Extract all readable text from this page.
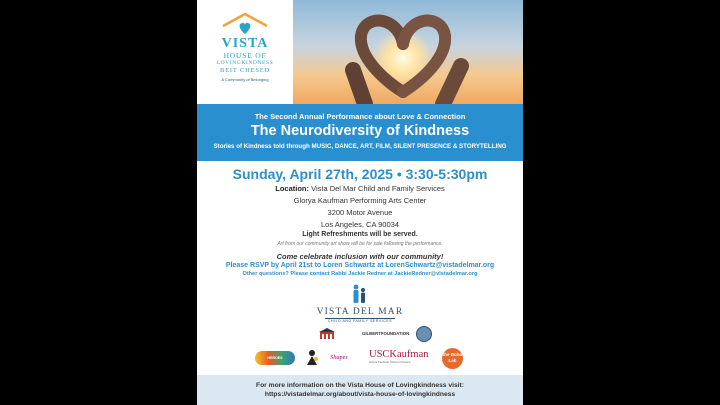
VISTA
HOUSE OF
LOVINGKINDNESS
BEIT CHESED
A Community of Belonging
The Second Annual Performance about Love & Connection
The Neurodiversity of Kindness
Stories of Kindness told through MUSIC, DANCE, ART, FILM, SILENT PRESENCE & STORYTELLING
Sunday, April 27th, 2025 • 3:30-5:30pm
Location: Vista Del Mar Child and Family Services
Glorya Kaufman Performing Arts Center
3200 Motor Avenue
Los Angeles, CA 90034
Light Refreshments will be served.
Art from our community art show will be for sale following the performance.
Come celebrate inclusion with our community!
Please RSVP by April 21st to Loren Schwartz at LorenSchwartz@vistadelmar.org
Other questions? Please contact Rabbi Jackie Redner at JackieRedner@vistadelmar.org
VISTA DEL MAR
CHILD AND FAMILY SERVICES
GILBERTFOUNDATION
HEROES	Shapes	USCKaufman
Glorya Kaufman School of Dance
the Boho Lab
For more information on the Vista House of Lovingkindness visit:
https://vistadelmar.org/about/vista-house-of-lovingkindness
